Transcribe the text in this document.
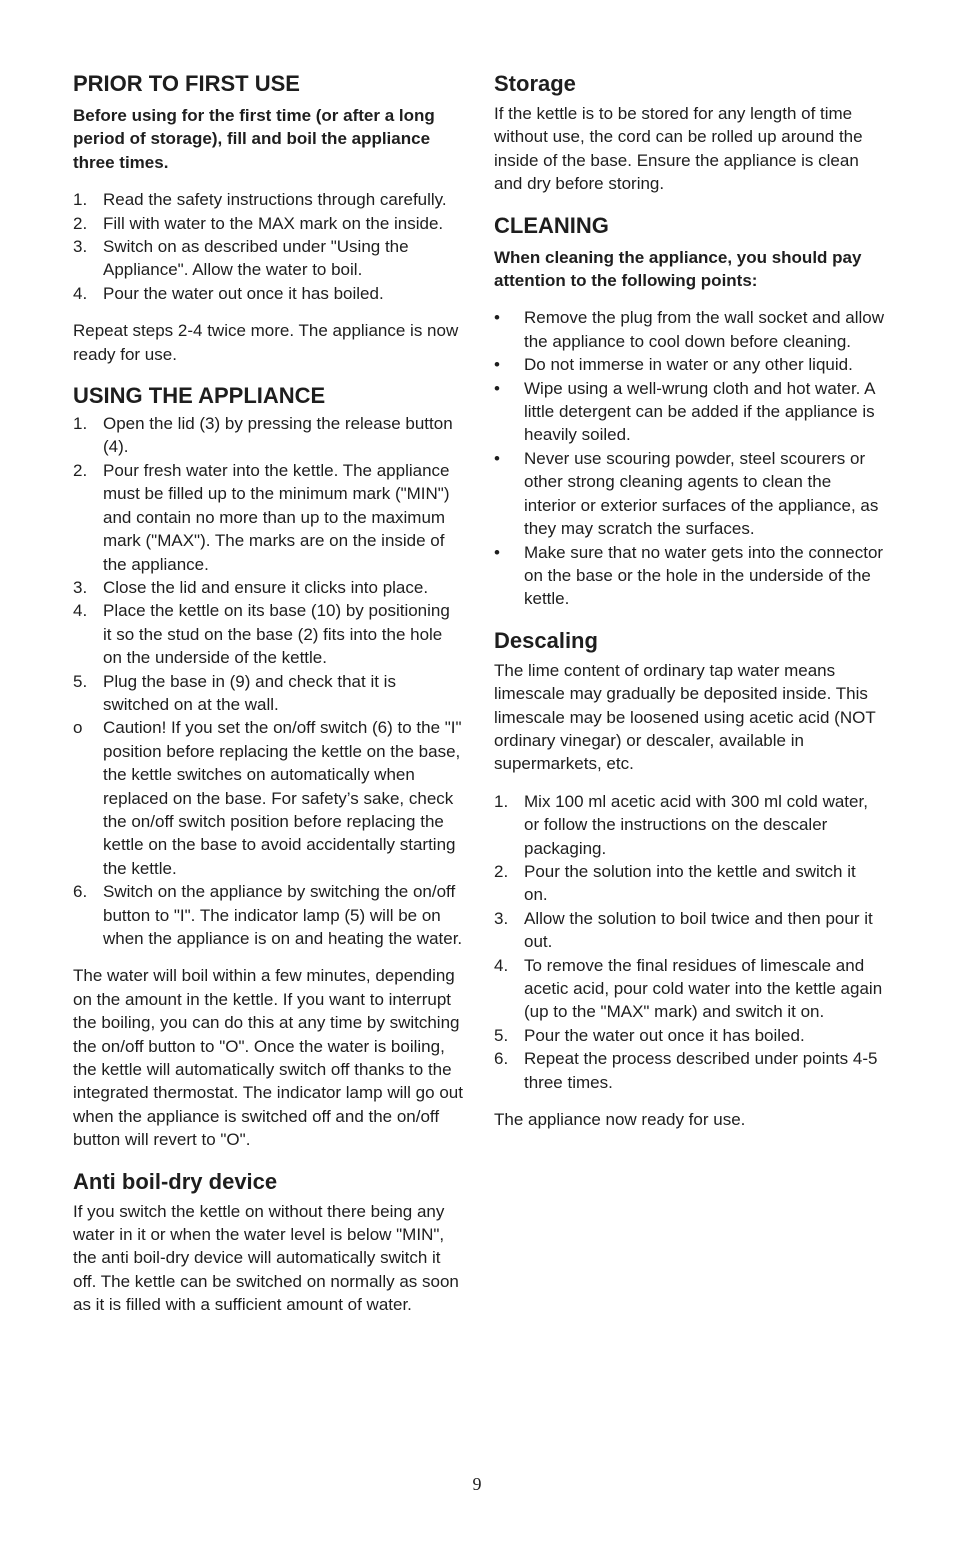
PRIOR TO FIRST USE

Before using for the first time (or after a long period of storage), fill and boil the appliance three times.

1. Read the safety instructions through carefully.
2. Fill with water to the MAX mark on the inside.
3. Switch on as described under "Using the Appliance". Allow the water to boil.
4. Pour the water out once it has boiled.

Repeat steps 2-4 twice more. The appliance is now ready for use.

USING THE APPLIANCE
1. Open the lid (3) by pressing the release button (4).
2. Pour fresh water into the kettle. The appliance must be filled up to the minimum mark ("MIN") and contain no more than up to the maximum mark ("MAX"). The marks are on the inside of the appliance.
3. Close the lid and ensure it clicks into place.
4. Place the kettle on its base (10) by positioning it so the stud on the base (2) fits into the hole on the underside of the kettle.
5. Plug the base in (9) and check that it is switched on at the wall.
o Caution! If you set the on/off switch (6) to the "I" position before replacing the kettle on the base, the kettle switches on automatically when replaced on the base. For safety’s sake, check the on/off switch position before replacing the kettle on the base to avoid accidentally starting the kettle.
6. Switch on the appliance by switching the on/off button to "I". The indicator lamp (5) will be on when the appliance is on and heating the water.

The water will boil within a few minutes, depending on the amount in the kettle. If you want to interrupt the boiling, you can do this at any time by switching the on/off button to "O". Once the water is boiling, the kettle will automatically switch off thanks to the integrated thermostat. The indicator lamp will go out when the appliance is switched off and the on/off button will revert to "O".

Anti boil-dry device

If you switch the kettle on without there being any water in it or when the water level is below "MIN", the anti boil-dry device will automatically switch it off. The kettle can be switched on normally as soon as it is filled with a sufficient amount of water.

Storage

If the kettle is to be stored for any length of time without use, the cord can be rolled up around the inside of the base. Ensure the appliance is clean and dry before storing.

CLEANING

When cleaning the appliance, you should pay attention to the following points:

• Remove the plug from the wall socket and allow the appliance to cool down before cleaning.
• Do not immerse in water or any other liquid.
• Wipe using a well-wrung cloth and hot water. A little detergent can be added if the appliance is heavily soiled.
• Never use scouring powder, steel scourers or other strong cleaning agents to clean the interior or exterior surfaces of the appliance, as they may scratch the surfaces.
• Make sure that no water gets into the connector on the base or the hole in the underside of the kettle.
Descaling

The lime content of ordinary tap water means limescale may gradually be deposited inside. This limescale may be loosened using acetic acid (NOT ordinary vinegar) or descaler, available in supermarkets, etc.

1. Mix 100 ml acetic acid with 300 ml cold water, or follow the instructions on the descaler packaging.
2. Pour the solution into the kettle and switch it on.
3. Allow the solution to boil twice and then pour it out.
4. To remove the final residues of limescale and acetic acid, pour cold water into the kettle again (up to the "MAX" mark) and switch it on.
5. Pour the water out once it has boiled.
6. Repeat the process described under points 4-5 three times.

The appliance now ready for use.

9
